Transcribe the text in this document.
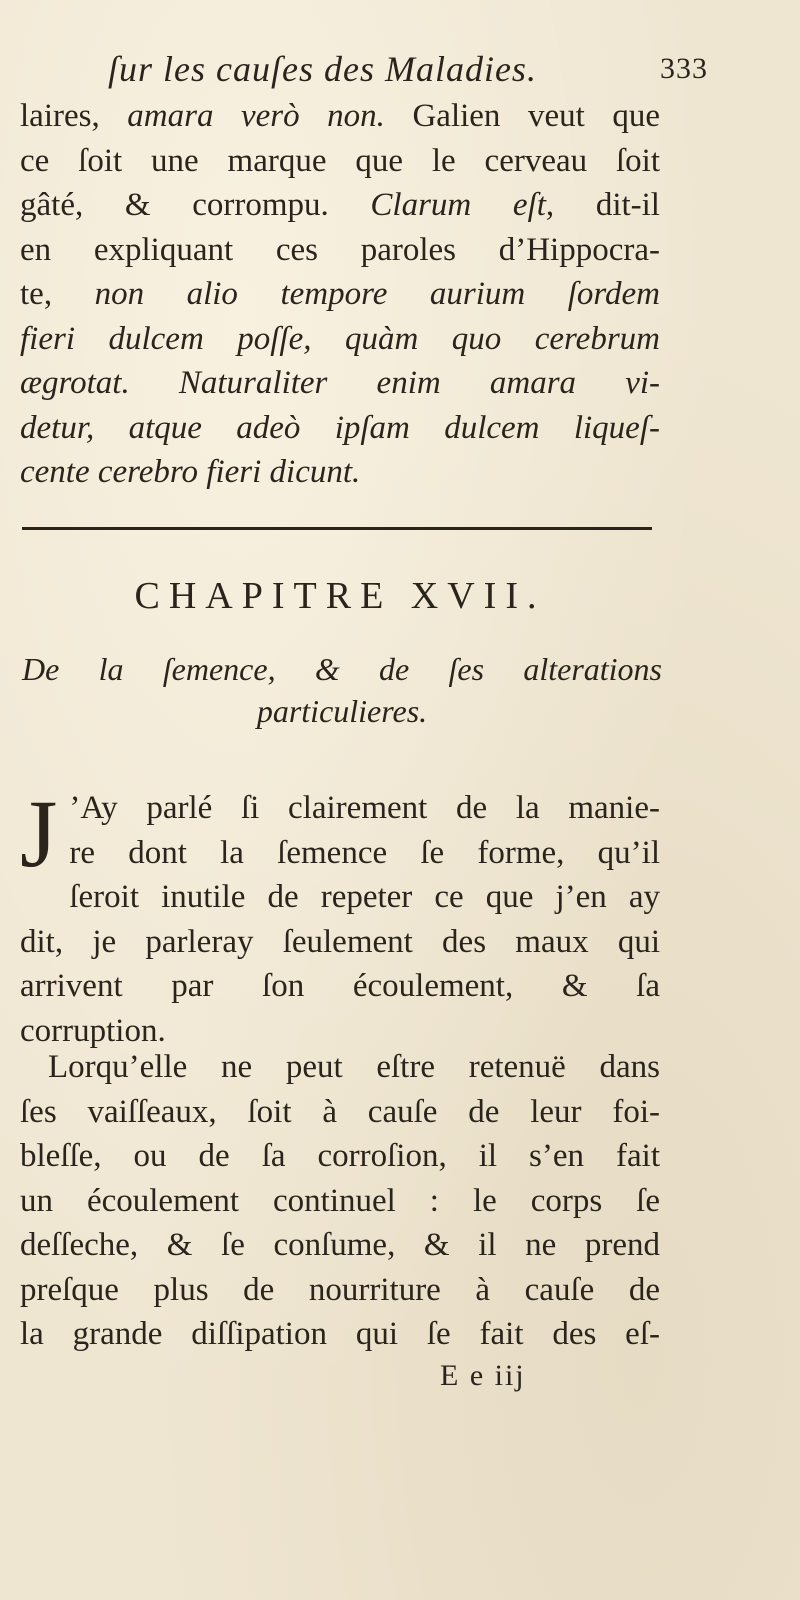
ſur les cauſes des Maladies.	333
laires, amara verò non. Galien veut que
ce ſoit une marque que le cerveau ſoit
gâté, & corrompu. Clarum eſt, dit-il
en expliquant ces paroles d’Hippocra-
te, non alio tempore aurium ſordem
fieri dulcem poſſe, quàm quo cerebrum
ægrotat. Naturaliter enim amara vi-
detur, atque adeò ipſam dulcem liqueſ-
cente cerebro fieri dicunt.
CHAPITRE XVII.
De la ſemence, & de ſes alterations
particulieres.
J ’Ay parlé ſi clairement de la manie-
re dont la ſemence ſe forme, qu’il
ſeroit inutile de repeter ce que j’en ay
dit, je parleray ſeulement des maux qui
arrivent par ſon écoulement, & ſa
corruption.
Lorqu’elle ne peut eſtre retenuë dans
ſes vaiſſeaux, ſoit à cauſe de leur foi-
bleſſe, ou de ſa corroſion, il s’en fait
un écoulement continuel : le corps ſe
deſſeche, & ſe conſume, & il ne prend
preſque plus de nourriture à cauſe de
la grande diſſipation qui ſe fait des eſ-
E e iij
